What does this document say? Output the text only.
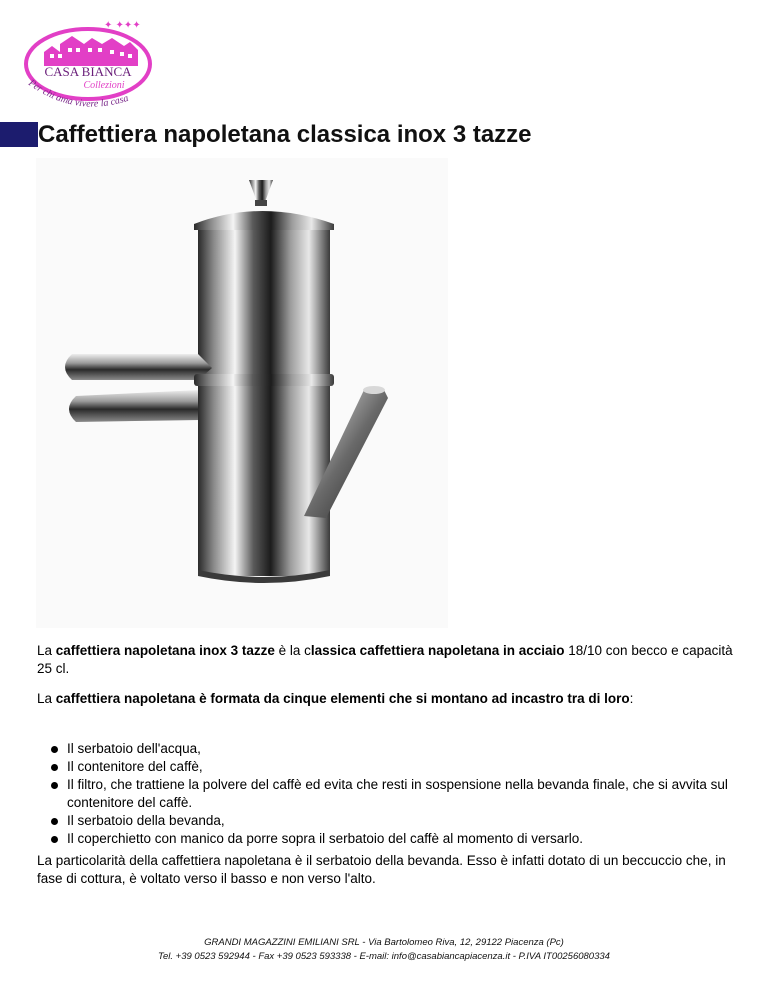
✦ ✦✦✦
CASA BIANCA
Collezioni
Per chi ama vivere la casa
Caffettiera napoletana classica inox 3 tazze

La caffettiera napoletana inox 3 tazze è la classica caffettiera napoletana in acciaio 18/10 con becco e capacità 25 cl.

La caffettiera napoletana è formata da cinque elementi che si montano ad incastro tra di loro:

Il serbatoio dell'acqua,
Il contenitore del caffè,
Il filtro, che trattiene la polvere del caffè ed evita che resti in sospensione nella bevanda finale, che si avvita sul contenitore del caffè.
Il serbatoio della bevanda,
Il coperchietto con manico da porre sopra il serbatoio del caffè al momento di versarlo.

La particolarità della caffettiera napoletana è il serbatoio della bevanda. Esso è infatti dotato di un beccuccio che, in fase di cottura, è voltato verso il basso e non verso l'alto.

GRANDI MAGAZZINI EMILIANI SRL - Via Bartolomeo Riva, 12, 29122 Piacenza (Pc)
Tel. +39 0523 592944 - Fax +39 0523 593338 - E-mail: info@casabiancapiacenza.it - P.IVA IT00256080334
